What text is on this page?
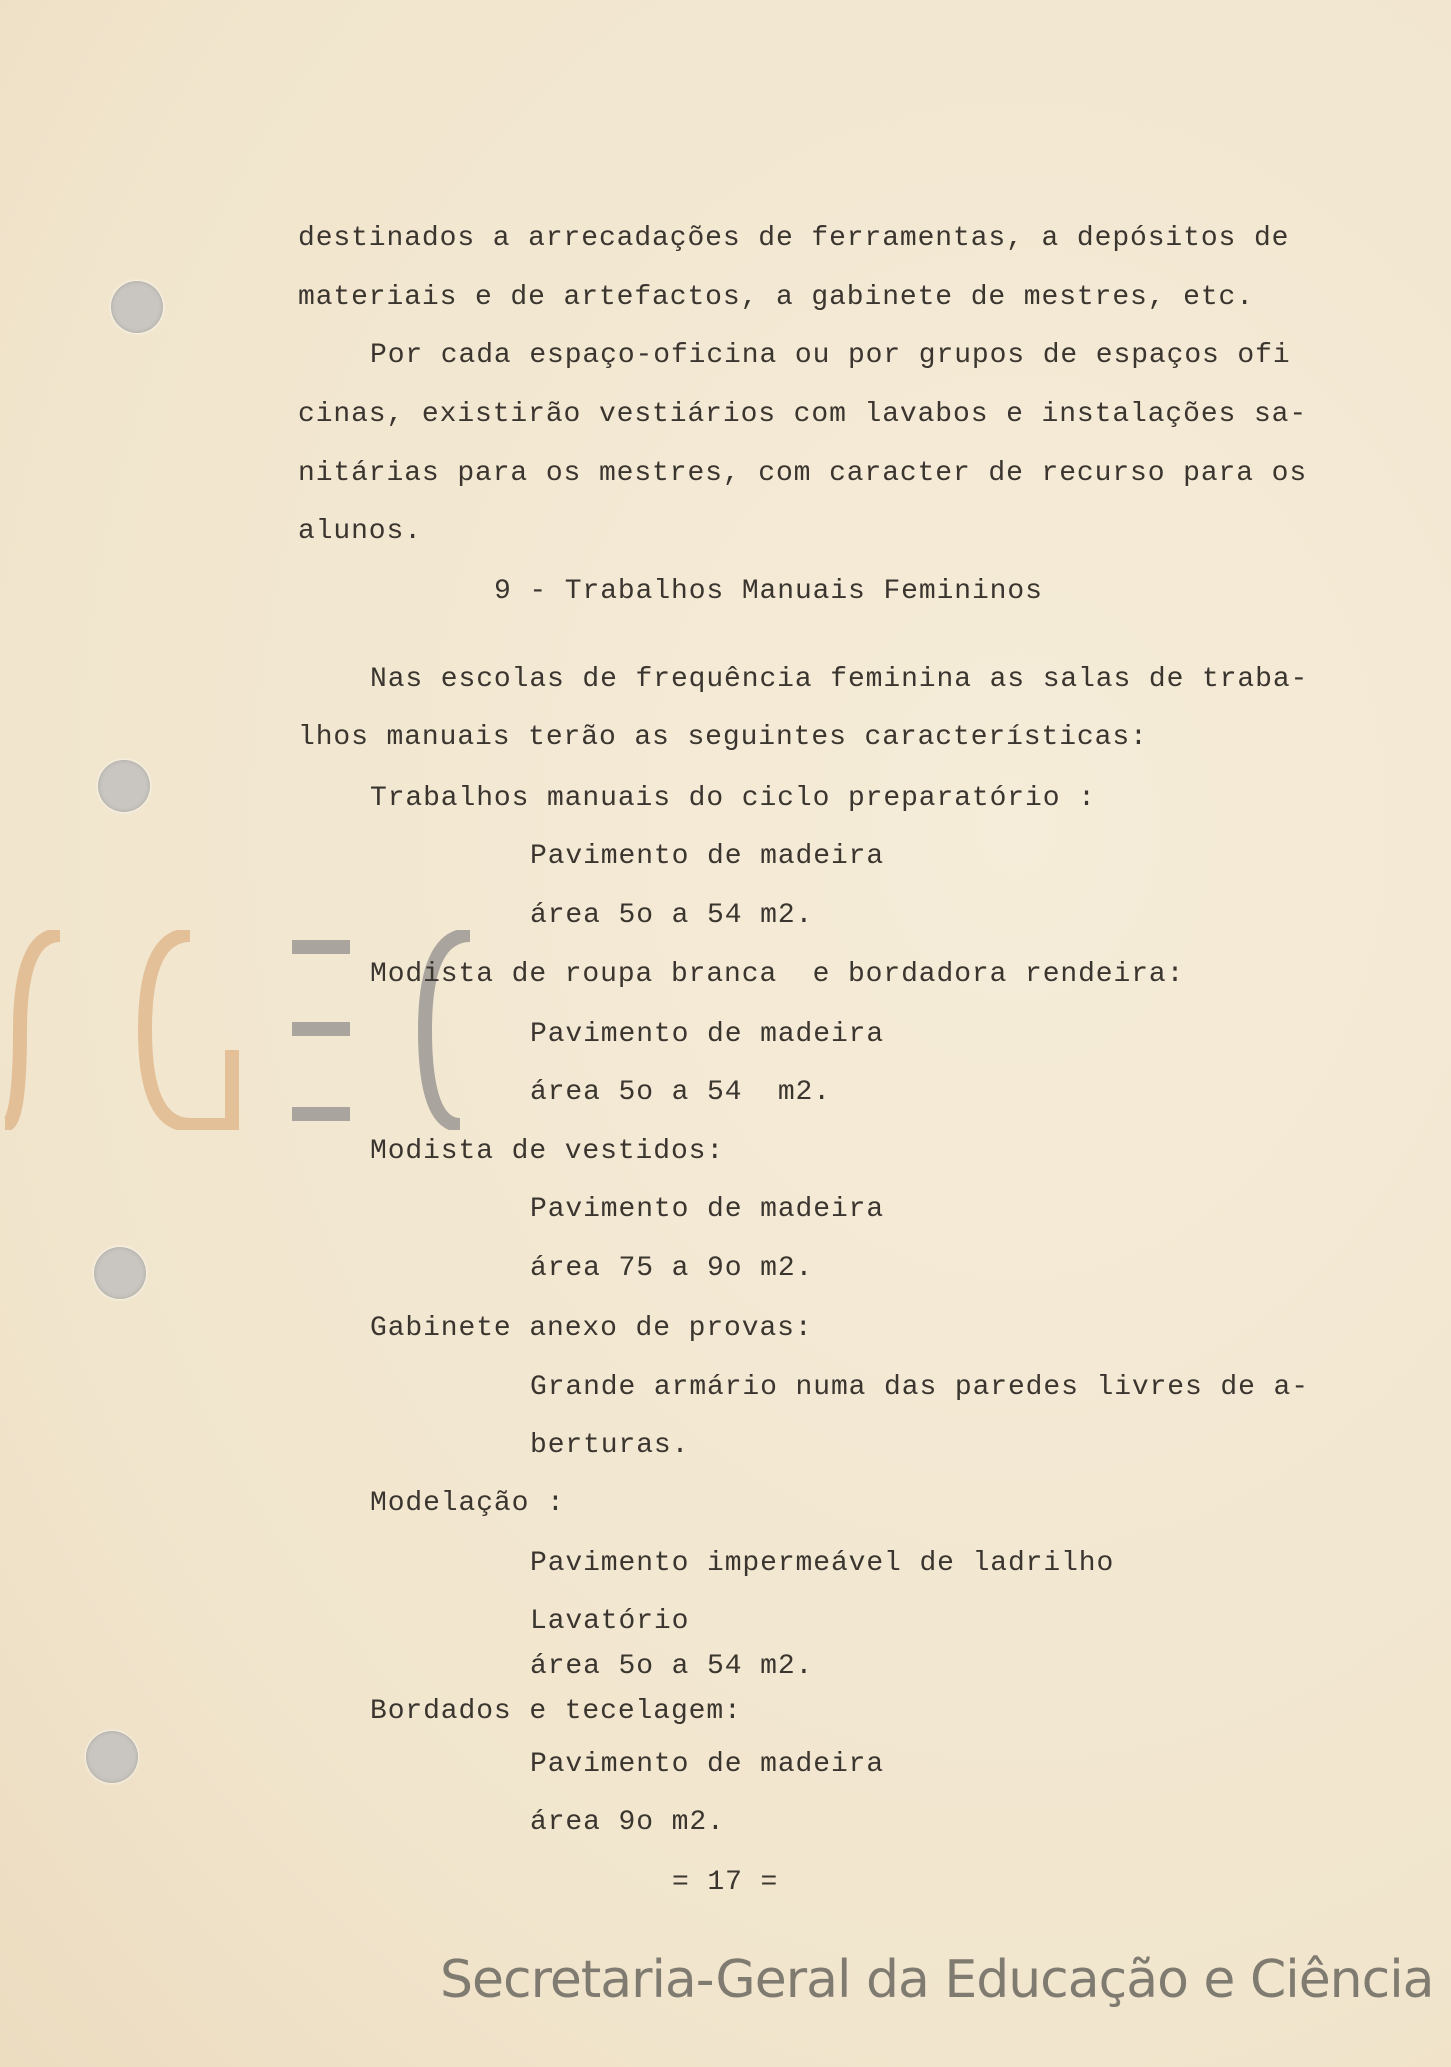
destinados a arrecadações de ferramentas, a depósitos de
materiais e de artefactos, a gabinete de mestres, etc.
Por cada espaço-oficina ou por grupos de espaços ofi
cinas, existirão vestiários com lavabos e instalações sa-
nitárias para os mestres, com caracter de recurso para os
alunos.
9 - Trabalhos Manuais Femininos
Nas escolas de frequência feminina as salas de traba-
lhos manuais terão as seguintes características:
Trabalhos manuais do ciclo preparatório :
Pavimento de madeira
área 5o a 54 m2.
Modista de roupa branca  e bordadora rendeira:
Pavimento de madeira
área 5o a 54  m2.
Modista de vestidos:
Pavimento de madeira
área 75 a 9o m2.
Gabinete anexo de provas:
Grande armário numa das paredes livres de a-
berturas.
Modelação :
Pavimento impermeável de ladrilho
Lavatório
área 5o a 54 m2.
Bordados e tecelagem:
Pavimento de madeira
área 9o m2.
Secretaria-Geral da Educação e Ciência
= 17 =
